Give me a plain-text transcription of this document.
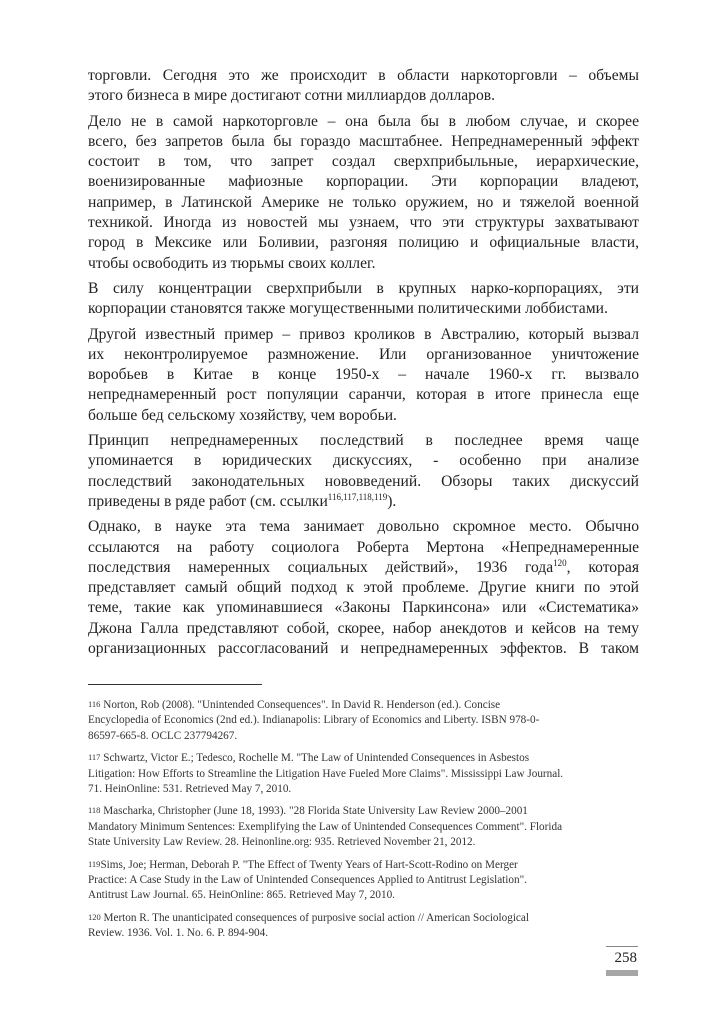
торговли. Сегодня это же происходит в области наркоторговли – объемы
этого бизнеса в мире достигают сотни миллиардов долларов.
Дело не в самой наркоторговле – она была бы в любом случае, и скорее
всего, без запретов была бы гораздо масштабнее. Непреднамеренный эффект
состоит в том, что запрет создал сверхприбыльные, иерархические,
военизированные мафиозные корпорации. Эти корпорации владеют,
например, в Латинской Америке не только оружием, но и тяжелой военной
техникой. Иногда из новостей мы узнаем, что эти структуры захватывают
город в Мексике или Боливии, разгоняя полицию и официальные власти,
чтобы освободить из тюрьмы своих коллег.
В силу концентрации сверхприбыли в крупных нарко-корпорациях, эти
корпорации становятся также могущественными политическими лоббистами.
Другой известный пример – привоз кроликов в Австралию, который вызвал
их неконтролируемое размножение. Или организованное уничтожение
воробьев в Китае в конце 1950-х – начале 1960-х гг. вызвало
непреднамеренный рост популяции саранчи, которая в итоге принесла еще
больше бед сельскому хозяйству, чем воробьи.
Принцип непреднамеренных последствий в последнее время чаще
упоминается в юридических дискуссиях, - особенно при анализе
последствий законодательных нововведений. Обзоры таких дискуссий
приведены в ряде работ (см. ссылки$^{116,117,118,119}$).
Однако, в науке эта тема занимает довольно скромное место. Обычно
ссылаются на работу социолога Роберта Мертона «Непреднамеренные
последствия намеренных социальных действий», 1936 года$^{120}$, которая
представляет самый общий подход к этой проблеме. Другие книги по этой
теме, такие как упоминавшиеся «Законы Паркинсона» или «Систематика»
Джона Галла представляют собой, скорее, набор анекдотов и кейсов на тему
организационных рассогласований и непреднамеренных эффектов. В таком
116 Norton, Rob (2008). "Unintended Consequences". In David R. Henderson (ed.). Concise
Encyclopedia of Economics (2nd ed.). Indianapolis: Library of Economics and Liberty. ISBN 978-0-
86597-665-8. OCLC 237794267.
117 Schwartz, Victor E.; Tedesco, Rochelle M. "The Law of Unintended Consequences in Asbestos
Litigation: How Efforts to Streamline the Litigation Have Fueled More Claims". Mississippi Law Journal.
71. HeinOnline: 531. Retrieved May 7, 2010.
118 Mascharka, Christopher (June 18, 1993). "28 Florida State University Law Review 2000–2001
Mandatory Minimum Sentences: Exemplifying the Law of Unintended Consequences Comment". Florida
State University Law Review. 28. Heinonline.org: 935. Retrieved November 21, 2012.
119Sims, Joe; Herman, Deborah P. "The Effect of Twenty Years of Hart-Scott-Rodino on Merger
Practice: A Case Study in the Law of Unintended Consequences Applied to Antitrust Legislation".
Antitrust Law Journal. 65. HeinOnline: 865. Retrieved May 7, 2010.
120 Merton R. The unanticipated consequences of purposive social action // American Sociological
Review. 1936. Vol. 1. No. 6. P. 894-904.
258
